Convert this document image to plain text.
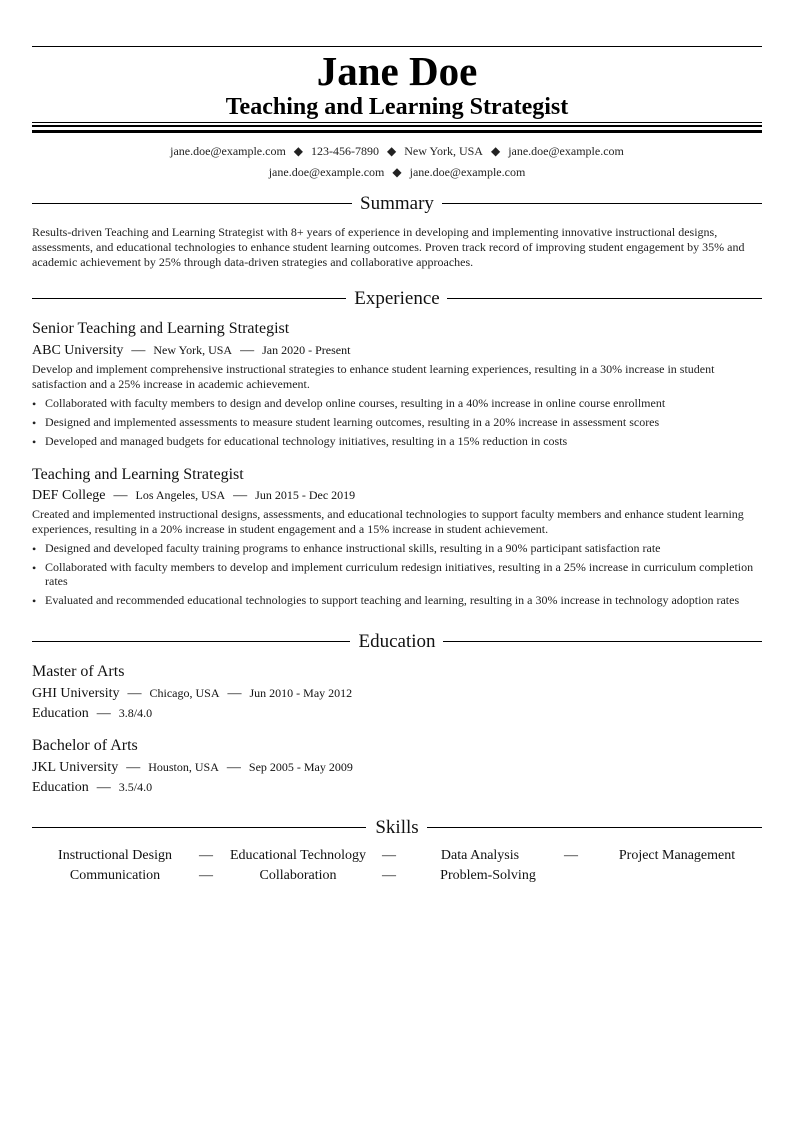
Jane Doe
Teaching and Learning Strategist
jane.doe@example.com ◆ 123-456-7890 ◆ New York, USA ◆ jane.doe@example.com
jane.doe@example.com ◆ jane.doe@example.com
Summary
Results-driven Teaching and Learning Strategist with 8+ years of experience in developing and implementing innovative instructional designs, assessments, and educational technologies to enhance student learning outcomes. Proven track record of improving student engagement by 35% and academic achievement by 25% through data-driven strategies and collaborative approaches.
Experience
Senior Teaching and Learning Strategist
ABC University — New York, USA — Jan 2020 - Present
Develop and implement comprehensive instructional strategies to enhance student learning experiences, resulting in a 30% increase in student satisfaction and a 25% increase in academic achievement.
• Collaborated with faculty members to design and develop online courses, resulting in a 40% increase in online course enrollment
• Designed and implemented assessments to measure student learning outcomes, resulting in a 20% increase in assessment scores
• Developed and managed budgets for educational technology initiatives, resulting in a 15% reduction in costs
Teaching and Learning Strategist
DEF College — Los Angeles, USA — Jun 2015 - Dec 2019
Created and implemented instructional designs, assessments, and educational technologies to support faculty members and enhance student learning experiences, resulting in a 20% increase in student engagement and a 15% increase in student achievement.
• Designed and developed faculty training programs to enhance instructional skills, resulting in a 90% participant satisfaction rate
• Collaborated with faculty members to develop and implement curriculum redesign initiatives, resulting in a 25% increase in curriculum completion rates
• Evaluated and recommended educational technologies to support teaching and learning, resulting in a 30% increase in technology adoption rates
Education
Master of Arts
GHI University — Chicago, USA — Jun 2010 - May 2012
Education — 3.8/4.0
Bachelor of Arts
JKL University — Houston, USA — Sep 2005 - May 2009
Education — 3.5/4.0
Skills
Instructional Design	—	Educational Technology	—	Data Analysis	—	Project Management
Communication	—	Collaboration	—	Problem-Solving
